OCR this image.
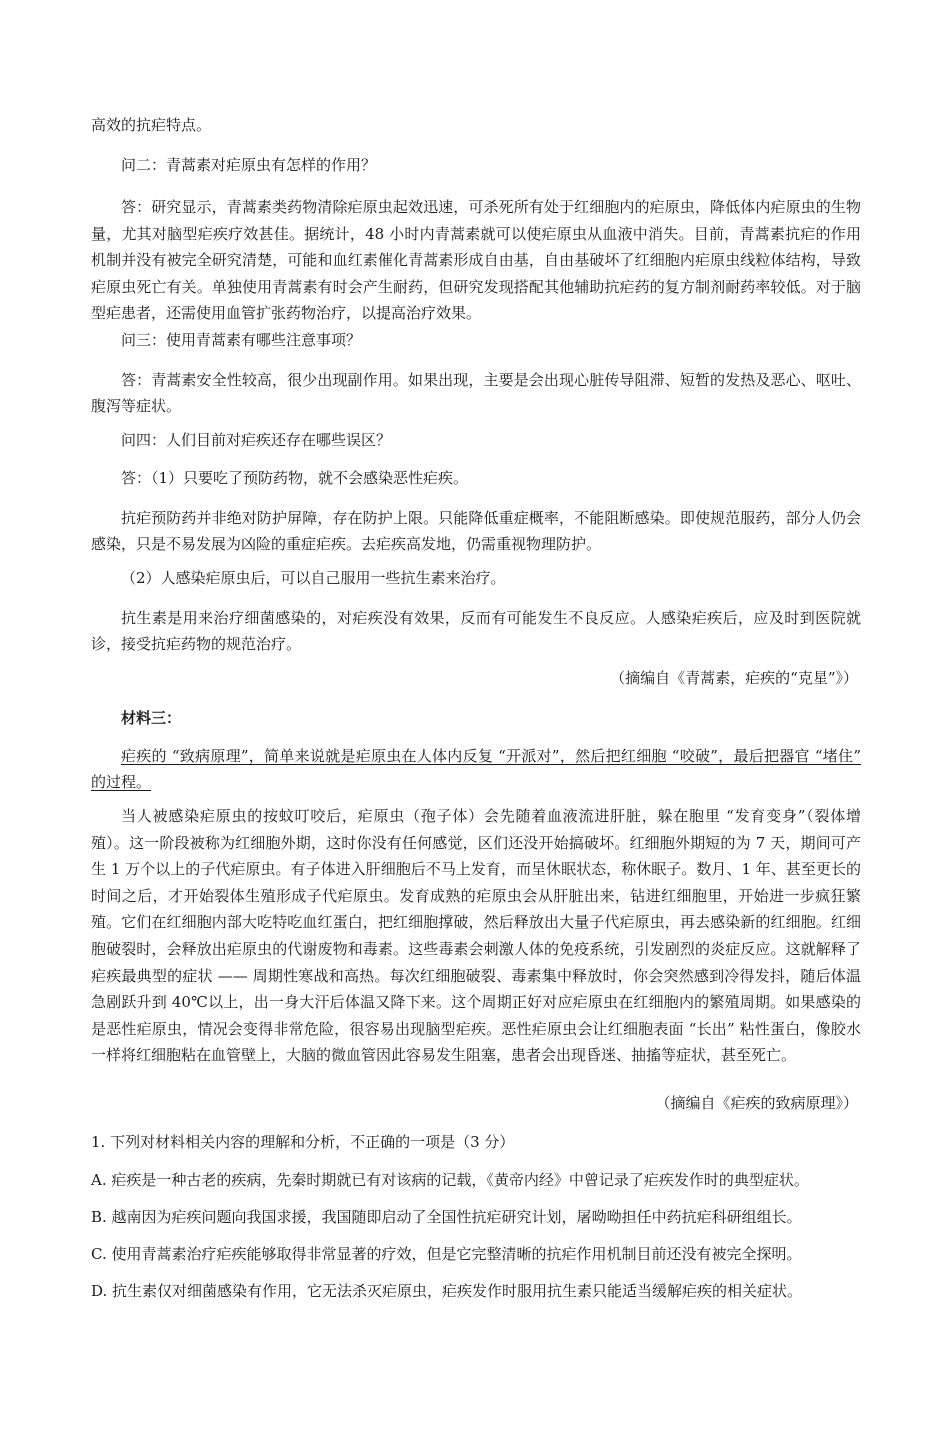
高效的抗疟特点。

问二：青蒿素对疟原虫有怎样的作用？

答：研究显示，青蒿素类药物清除疟原虫起效迅速，可杀死所有处于红细胞内的疟原虫，降低体内疟原虫的生物量，尤其对脑型疟疾疗效甚佳。据统计，48 小时内青蒿素就可以使疟原虫从血液中消失。目前，青蒿素抗疟的作用机制并没有被完全研究清楚，可能和血红素催化青蒿素形成自由基，自由基破坏了红细胞内疟原虫线粒体结构，导致疟原虫死亡有关。单独使用青蒿素有时会产生耐药，但研究发现搭配其他辅助抗疟药的复方制剂耐药率较低。对于脑型疟患者，还需使用血管扩张药物治疗，以提高治疗效果。

问三：使用青蒿素有哪些注意事项？

答：青蒿素安全性较高，很少出现副作用。如果出现，主要是会出现心脏传导阻滞、短暂的发热及恶心、呕吐、腹泻等症状。

问四：人们目前对疟疾还存在哪些误区？

答：（1）只要吃了预防药物，就不会感染恶性疟疾。

抗疟预防药并非绝对防护屏障，存在防护上限。只能降低重症概率，不能阻断感染。即使规范服药，部分人仍会感染，只是不易发展为凶险的重症疟疾。去疟疾高发地，仍需重视物理防护。

（2）人感染疟原虫后，可以自己服用一些抗生素来治疗。

抗生素是用来治疗细菌感染的，对疟疾没有效果，反而有可能发生不良反应。人感染疟疾后，应及时到医院就诊，接受抗疟药物的规范治疗。

（摘编自《青蒿素，疟疾的“克星”》）

材料三：

疟疾的 “致病原理”，简单来说就是疟原虫在人体内反复 “开派对”，然后把红细胞 “咬破”，最后把器官 “堵住” 的过程。

当人被感染疟原虫的按蚊叮咬后，疟原虫（孢子体）会先随着血液流进肝脏，躲在胞里 “发育变身”（裂体增殖）。这一阶段被称为红细胞外期，这时你没有任何感觉，区们还没开始搞破坏。红细胞外期短的为 7 天，期间可产生 1 万个以上的子代疟原虫。有子体进入肝细胞后不马上发育，而呈休眠状态，称休眠子。数月、1 年、甚至更长的时间之后，才开始裂体生殖形成子代疟原虫。发育成熟的疟原虫会从肝脏出来，钻进红细胞里，开始进一步疯狂繁殖。它们在红细胞内部大吃特吃血红蛋白，把红细胞撑破，然后释放出大量子代疟原虫，再去感染新的红细胞。红细胞破裂时，会释放出疟原虫的代谢废物和毒素。这些毒素会刺激人体的免疫系统，引发剧烈的炎症反应。这就解释了疟疾最典型的症状 —— 周期性寒战和高热。每次红细胞破裂、毒素集中释放时，你会突然感到冷得发抖，随后体温急剧跃升到 40℃以上，出一身大汗后体温又降下来。这个周期正好对应疟原虫在红细胞内的繁殖周期。如果感染的是恶性疟原虫，情况会变得非常危险，很容易出现脑型疟疾。恶性疟原虫会让红细胞表面 “长出” 粘性蛋白，像胶水一样将红细胞粘在血管壁上，大脑的微血管因此容易发生阻塞，患者会出现昏迷、抽搐等症状，甚至死亡。

（摘编自《疟疾的致病原理》）

1. 下列对材料相关内容的理解和分析，不正确的一项是（3 分）

A. 疟疾是一种古老的疾病，先秦时期就已有对该病的记载，《黄帝内经》中曾记录了疟疾发作时的典型症状。

B. 越南因为疟疾问题向我国求援，我国随即启动了全国性抗疟研究计划，屠呦呦担任中药抗疟科研组组长。

C. 使用青蒿素治疗疟疾能够取得非常显著的疗效，但是它完整清晰的抗疟作用机制目前还没有被完全探明。

D. 抗生素仅对细菌感染有作用，它无法杀灭疟原虫，疟疾发作时服用抗生素只能适当缓解疟疾的相关症状。
